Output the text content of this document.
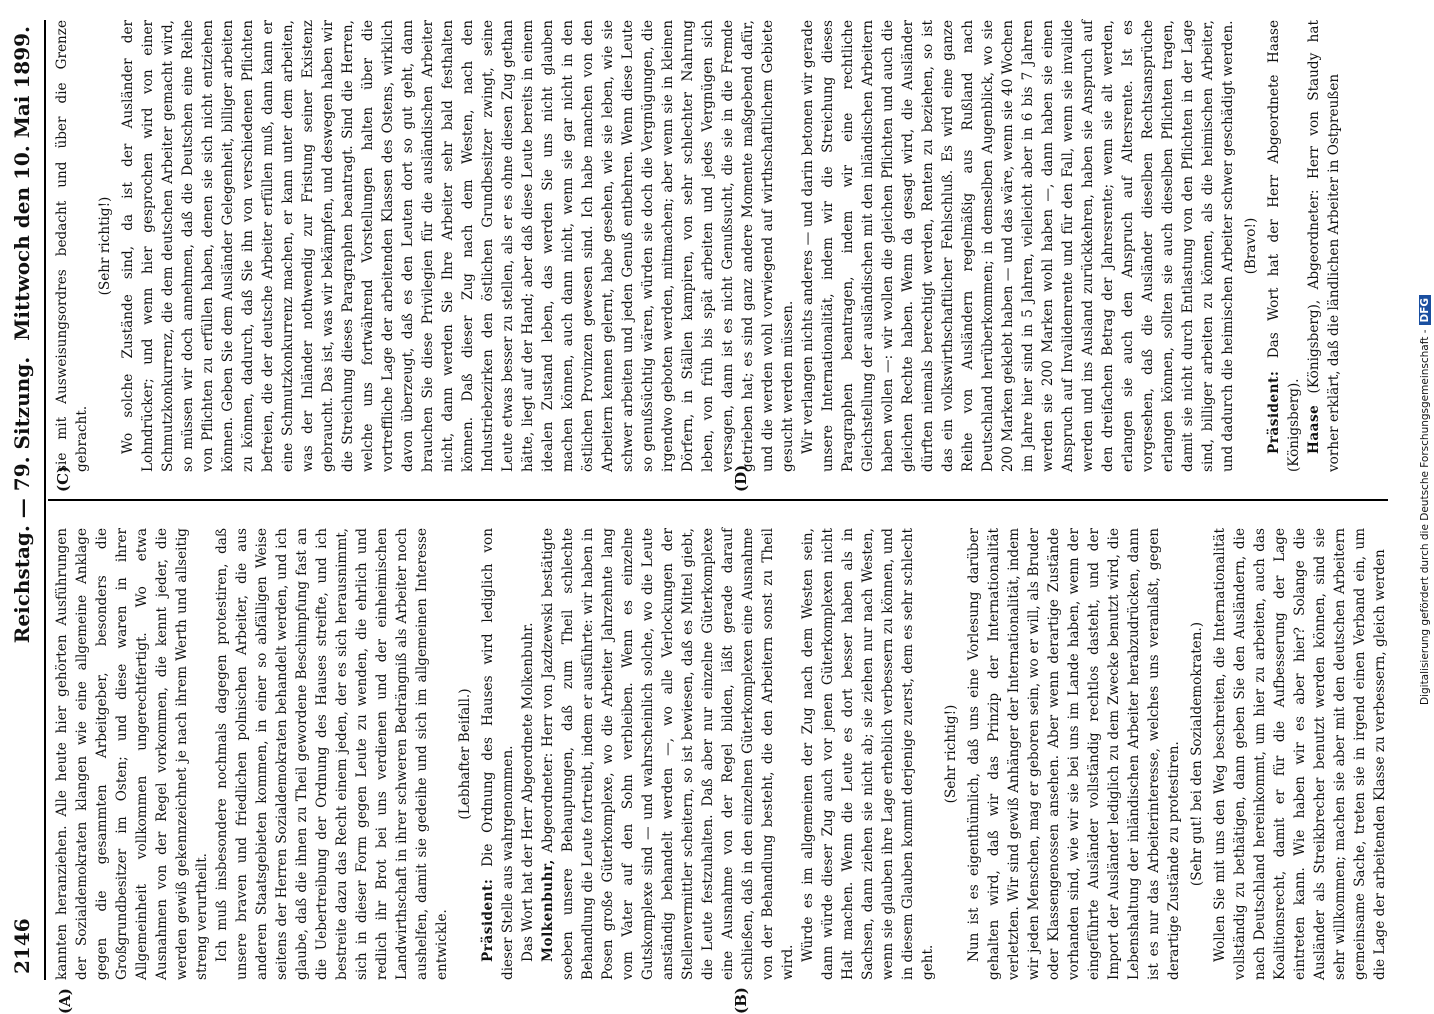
2146
Reichstag. — 79. Sitzung.
Mittwoch den 10. Mai 1899.
(A)	(B)
(C)	(D)

kannten heranziehen. Alle heute hier gehörten Ausführungen der Sozialdemokraten klangen wie eine allgemeine Anklage gegen die gesammten Arbeitgeber, besonders die Großgrundbesitzer im Osten; und diese waren in ihrer Allgemeinheit vollkommen ungerechtfertigt. Wo etwa Ausnahmen von der Regel vorkommen, die kennt jeder, die werden gewiß gekennzeichnet je nach ihrem Werth und allseitig streng verurtheilt. Ich muß insbesondere nochmals dagegen protestiren, daß unsere braven und friedlichen polnischen Arbeiter, die aus anderen Staatsgebieten kommen, in einer so abfälligen Weise seitens der Herren Sozialdemokraten behandelt werden, und ich glaube, daß die ihnen zu Theil gewordene Beschimpfung fast an die Uebertreibung der Ordnung des Hauses streifte, und ich bestreite dazu das Recht einem jeden, der es sich herausnimmt, sich in dieser Form gegen Leute zu wenden, die ehrlich und redlich ihr Brot bei uns verdienen und der einheimischen Landwirthschaft in ihrer schweren Bedrängniß als Arbeiter noch aushelfen, damit sie gedeihe und sich im allgemeinen Interesse entwickle.

(Lebhafter Beifall.)

Präsident: Die Ordnung des Hauses wird lediglich von dieser Stelle aus wahrgenommen. Das Wort hat der Herr Abgeordnete Molkenbuhr. Molkenbuhr, Abgeordneter: Herr von Jazdzewski bestätigte soeben unsere Behauptungen, daß zum Theil schlechte Behandlung die Leute fortreibt, indem er ausführte: wir haben in Posen große Güterkomplexe, wo die Arbeiter Jahrzehnte lang vom Vater auf den Sohn verbleiben. Wenn es einzelne Gutskomplexe sind — und wahrscheinlich solche, wo die Leute anständig behandelt werden —, wo alle Verlockungen der Stellenvermittler scheitern, so ist bewiesen, daß es Mittel giebt, die Leute festzuhalten. Daß aber nur einzelne Güterkomplexe eine Ausnahme von der Regel bilden, läßt gerade darauf schließen, daß in den einzelnen Güterkomplexen eine Ausnahme von der Behandlung besteht, die den Arbeitern sonst zu Theil wird.

Würde es im allgemeinen der Zug nach dem Westen sein, dann würde dieser Zug auch vor jenen Güterkomplexen nicht Halt machen. Wenn die Leute es dort besser haben als in Sachsen, dann ziehen sie nicht ab; sie ziehen nur nach Westen, wenn sie glauben ihre Lage erheblich verbessern zu können, und in diesem Glauben kommt derjenige zuerst, dem es sehr schlecht geht.

(Sehr richtig!) Nun ist es eigenthümlich, daß uns eine Vorlesung darüber gehalten wird, daß wir das Prinzip der Internationalität verletzten. Wir sind gewiß Anhänger der Internationalität, indem wir jeden Menschen, mag er geboren sein, wo er will, als Bruder oder Klassengenossen ansehen. Aber wenn derartige Zustände vorhanden sind, wie wir sie bei uns im Lande haben, wenn der eingeführte Ausländer vollständig rechtlos dasteht, und der Import der Ausländer lediglich zu dem Zwecke benutzt wird, die Lebenshaltung der inländischen Arbeiter herabzudrücken, dann ist es nur das Arbeiterinteresse, welches uns veranlaßt, gegen derartige Zustände zu protestiren. (Sehr gut! bei den Sozialdemokraten.) Wollen Sie mit uns den Weg beschreiten, die Internationalität vollständig zu bethätigen, dann geben Sie den Ausländern, die nach Deutschland hereinkommt, um hier zu arbeiten, auch das Koalitionsrecht, damit er für die Aufbesserung der Lage eintreten kann. Wie haben wir es aber hier? Solange die Ausländer als Streikbrecher benutzt werden können, sind sie sehr willkommen; machen sie aber mit den deutschen Arbeitern gemeinsame Sache, treten sie in irgend einen Verband ein, um die Lage der arbeitenden Klasse zu verbessern, gleich werden

sie mit Ausweisungsordres bedacht und über die Grenze gebracht.

(Sehr richtig!) Wo solche Zustände sind, da ist der Ausländer der Lohndrücker; und wenn hier gesprochen wird von einer Schmutzkonkurrenz, die dem deutschen Arbeiter gemacht wird, so müssen wir doch annehmen, daß die Deutschen eine Reihe von Pflichten zu erfüllen haben, denen sie sich nicht entziehen können. Geben Sie dem Ausländer Gelegenheit, billiger arbeiten zu können, dadurch, daß Sie ihn von verschiedenen Pflichten befreien, die der deutsche Arbeiter erfüllen muß, dann kann er eine Schmutzkonkurrenz machen, er kann unter dem arbeiten, was der Inländer nothwendig zur Fristung seiner Existenz gebraucht. Das ist, was wir bekämpfen, und deswegen haben wir die Streichung dieses Paragraphen beantragt. Sind die Herren, welche uns fortwährend Vorstellungen halten über die vortreffliche Lage der arbeitenden Klassen des Ostens, wirklich davon überzeugt, daß es den Leuten dort so gut geht, dann brauchen Sie diese Privilegien für die ausländischen Arbeiter nicht, dann werden Sie Ihre Arbeiter sehr bald festhalten können. Daß dieser Zug nach dem Westen, nach den Industriebezirken den östlichen Grundbesitzer zwingt, seine Leute etwas besser zu stellen, als er es ohne diesen Zug gethan hätte, liegt auf der Hand; aber daß diese Leute bereits in einem idealen Zustand leben, das werden Sie uns nicht glauben machen können, auch dann nicht, wenn sie gar nicht in den östlichen Provinzen gewesen sind. Ich habe manchen von den Arbeitern kennen gelernt, habe gesehen, wie sie leben, wie sie schwer arbeiten und jeden Genuß entbehren. Wenn diese Leute so genußsüchtig wären, würden sie doch die Vergnügungen, die irgendwo geboten werden, mitmachen; aber wenn sie in kleinen Dörfern, in Ställen kampiren, von sehr schlechter Nahrung leben, von früh bis spät arbeiten und jedes Vergnügen sich versagen, dann ist es nicht Genußsucht, die sie in die Fremde getrieben hat; es sind ganz andere Momente maßgebend dafür, und die werden wohl vorwiegend auf wirthschaftlichem Gebiete gesucht werden müssen. Wir verlangen nichts anderes — und darin betonen wir gerade unsere Internationalität, indem wir die Streichung dieses Paragraphen beantragen, indem wir eine rechtliche Gleichstellung der ausländischen mit den inländischen Arbeitern haben wollen —: wir wollen die gleichen Pflichten und auch die gleichen Rechte haben. Wenn da gesagt wird, die Ausländer dürften niemals berechtigt werden, Renten zu beziehen, so ist das ein volkswirthschaftlicher Fehlschluß. Es wird eine ganze Reihe von Ausländern regelmäßig aus Rußland nach Deutschland herüberkommen; in demselben Augenblick, wo sie 200 Marken geklebt haben — und das wäre, wenn sie 40 Wochen im Jahre hier sind in 5 Jahren, vielleicht aber in 6 bis 7 Jahren werden sie 200 Marken wohl haben —, dann haben sie einen Anspruch auf Invalidenrente und für den Fall, wenn sie invalide werden und ins Ausland zurückkehren, haben sie Anspruch auf den dreifachen Betrag der Jahresrente; wenn sie alt werden, erlangen sie auch den Anspruch auf Altersrente. Ist es vorgesehen, daß die Ausländer dieselben Rechtsansprüche erlangen können, sollten sie auch dieselben Pflichten tragen, damit sie nicht durch Entlastung von den Pflichten in der Lage sind, billiger arbeiten zu können, als die heimischen Arbeiter, und dadurch die heimischen Arbeiter schwer geschädigt werden. (Bravo!)

Präsident: Das Wort hat der Herr Abgeordnete Haase (Königsberg). Haase (Königsberg), Abgeordneter: Herr von Staudy hat vorher erklärt, daß die ländlichen Arbeiter in Ostpreußen

Digitalisierung gefördert durch die Deutsche Forschungsgemeinschaft -DFG
